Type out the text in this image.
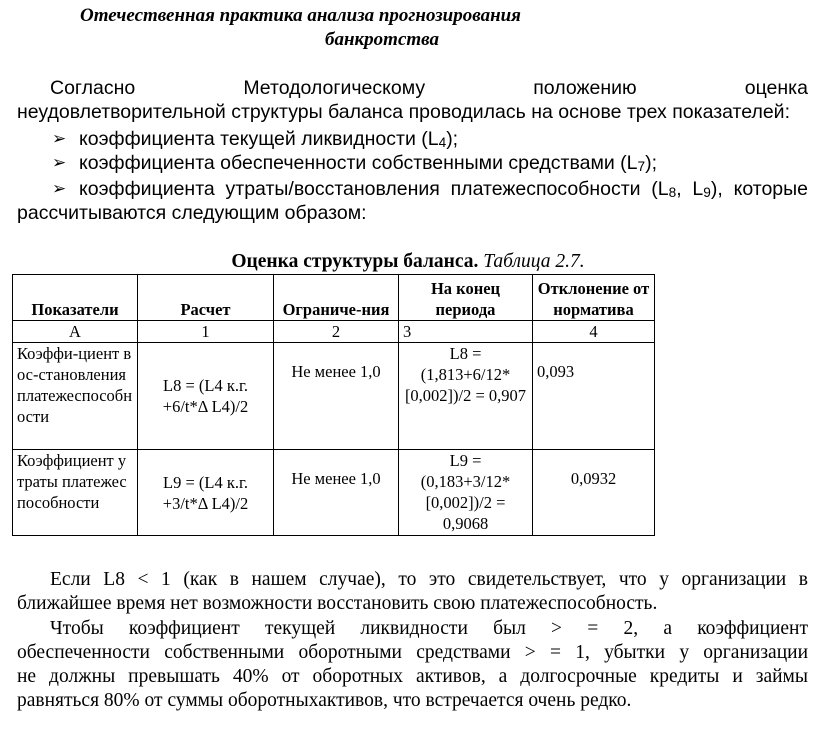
Отечественная практика анализа прогнозирования
банкротства
Согласно	Методологическому	положению	оценка
неудовлетворительной структуры баланса проводилась на основе трех показателей:
➢ коэффициента текущей ликвидности $(L_4)$;
➢ коэффициента обеспеченности собственными средствами $(L_7)$;
➢ коэффициента утраты/восстановления платежеспособности ($L_8$, $L_9$), которые
рассчитываются следующим образом:
Оценка структуры баланса. Таблица 2.7.
Показатели	Расчет	Ограниче-ния	На конец периода	Отклонение от норматива
А	1	2	3	4
Коэффи-циент вос-становления платежеспособности	L8 = (L4 к.г. +6/t*Δ L4)/2	Не менее 1,0	L8 = (1,813+6/12*[0,002])/2 = 0,907	0,093
Коэффициент утраты платежеспособности	L9 = (L4 к.г. +3/t*Δ L4)/2	Не менее 1,0	L9 = (0,183+3/12*[0,002])/2 = 0,9068	0,0932
Если L8 < 1 (как в нашем случае), то это свидетельствует, что у организации в
ближайшее время нет возможности восстановить свою платежеспособность.
Чтобы коэффициент текущей ликвидности был > = 2, а коэффициент
обеспеченности собственными оборотными средствами > = 1, убытки у организации
не должны превышать 40% от оборотных активов, а долгосрочные кредиты и займы
равняться 80% от суммы оборотныхактивов, что встречается очень редко.
